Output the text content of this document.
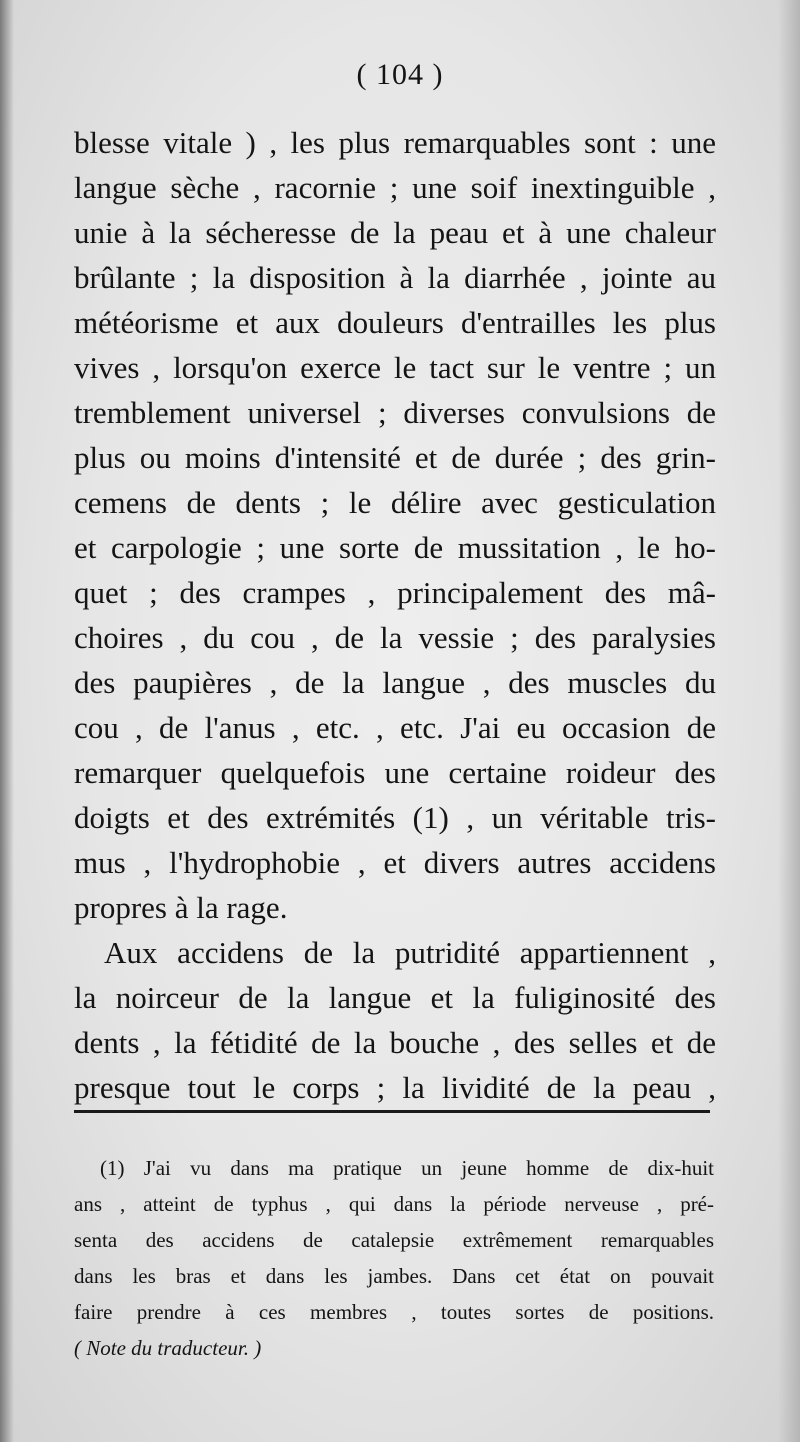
( 104 )
blesse vitale ) , les plus remarquables sont : une
langue sèche , racornie ; une soif inextinguible ,
unie à la sécheresse de la peau et à une chaleur
brûlante ; la disposition à la diarrhée , jointe au
météorisme et aux douleurs d'entrailles les plus
vives , lorsqu'on exerce le tact sur le ventre ; un
tremblement universel ; diverses convulsions de
plus ou moins d'intensité et de durée ; des grin-
cemens de dents ; le délire avec gesticulation
et carpologie ; une sorte de mussitation , le ho-
quet ; des crampes , principalement des mâ-
choires , du cou , de la vessie ; des paralysies
des paupières , de la langue , des muscles du
cou , de l'anus , etc. , etc. J'ai eu occasion de
remarquer quelquefois une certaine roideur des
doigts et des extrémités (1) , un véritable tris-
mus , l'hydrophobie , et divers autres accidens
propres à la rage.
Aux accidens de la putridité appartiennent ,
la noirceur de la langue et la fuliginosité des
dents , la fétidité de la bouche , des selles et de
presque tout le corps ; la lividité de la peau ,
(1) J'ai vu dans ma pratique un jeune homme de dix-huit
ans , atteint de typhus , qui dans la période nerveuse , pré-
senta des accidens de catalepsie extrêmement remarquables
dans les bras et dans les jambes. Dans cet état on pouvait
faire prendre à ces membres , toutes sortes de positions.
( Note du traducteur. )
